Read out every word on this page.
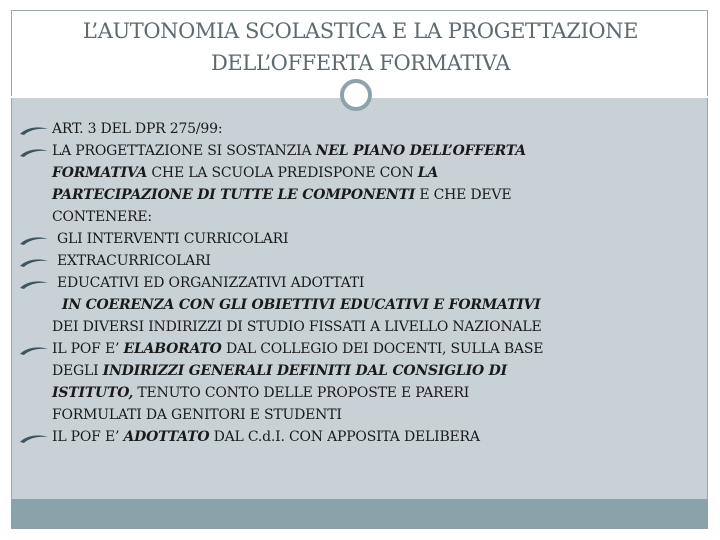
L’AUTONOMIA SCOLASTICA E LA PROGETTAZIONE
DELL’OFFERTA FORMATIVA
ART. 3 DEL DPR 275/99:
LA PROGETTAZIONE SI SOSTANZIA NEL PIANO DELL’OFFERTA
FORMATIVA CHE LA SCUOLA PREDISPONE CON LA
PARTECIPAZIONE DI TUTTE LE COMPONENTI E CHE DEVE
CONTENERE:
GLI INTERVENTI CURRICOLARI
EXTRACURRICOLARI
EDUCATIVI ED ORGANIZZATIVI ADOTTATI
IN COERENZA CON GLI OBIETTIVI EDUCATIVI E FORMATIVI
DEI DIVERSI INDIRIZZI DI STUDIO FISSATI A LIVELLO NAZIONALE
IL POF E’ ELABORATO DAL COLLEGIO DEI DOCENTI, SULLA BASE
DEGLI INDIRIZZI GENERALI DEFINITI DAL CONSIGLIO DI
ISTITUTO, TENUTO CONTO DELLE PROPOSTE E PARERI
FORMULATI DA GENITORI E STUDENTI
IL POF E’ ADOTTATO DAL C.d.I. CON APPOSITA DELIBERA
